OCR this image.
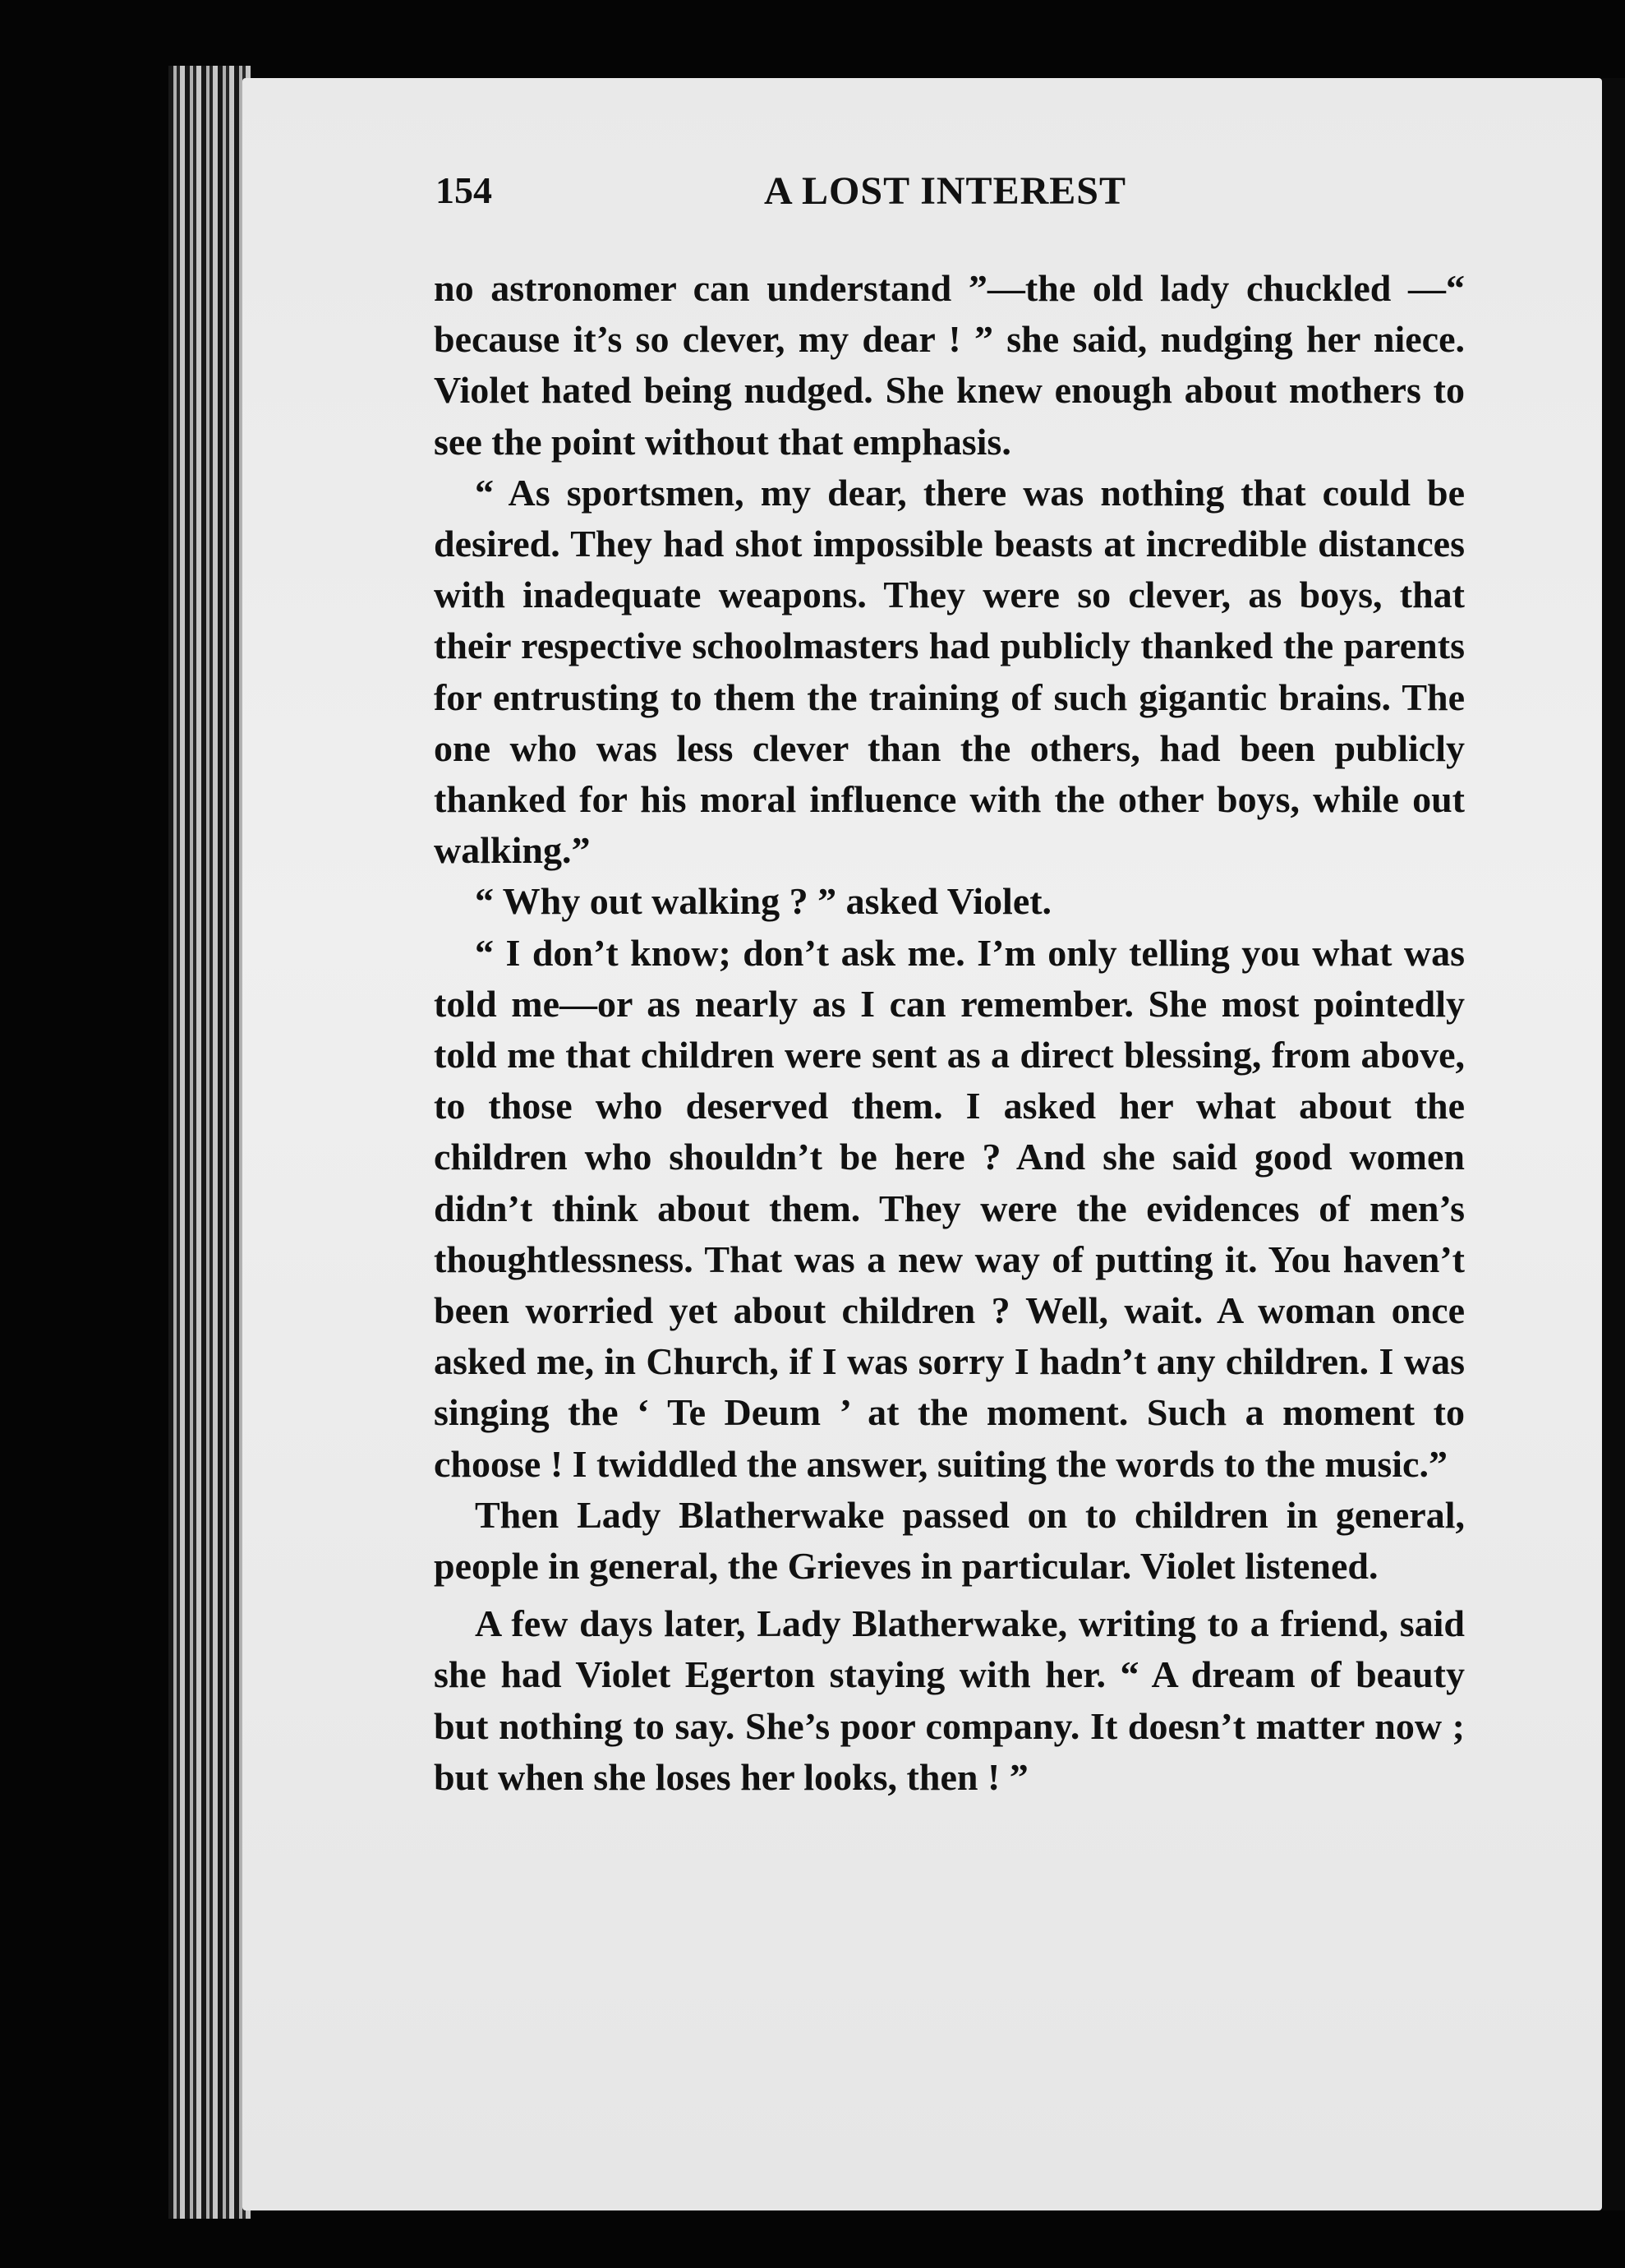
154	A LOST INTEREST

no astronomer can understand ”—the old lady chuckled —“ because it’s so clever, my dear ! ” she said, nudging her niece. Violet hated being nudged. She knew enough about mothers to see the point without that emphasis.

“ As sportsmen, my dear, there was nothing that could be desired. They had shot impossible beasts at incredible distances with inadequate weapons. They were so clever, as boys, that their respective schoolmasters had publicly thanked the parents for entrusting to them the training of such gigantic brains. The one who was less clever than the others, had been publicly thanked for his moral influence with the other boys, while out walking.”

“ Why out walking ? ” asked Violet.

“ I don’t know; don’t ask me. I’m only telling you what was told me—or as nearly as I can remember. She most pointedly told me that children were sent as a direct blessing, from above, to those who deserved them. I asked her what about the children who shouldn’t be here ? And she said good women didn’t think about them. They were the evidences of men’s thoughtlessness. That was a new way of putting it. You haven’t been worried yet about children ? Well, wait. A woman once asked me, in Church, if I was sorry I hadn’t any children. I was singing the ‘ Te Deum ’ at the moment. Such a moment to choose ! I twiddled the answer, suiting the words to the music.”

Then Lady Blatherwake passed on to children in general, people in general, the Grieves in particular. Violet listened.

A few days later, Lady Blatherwake, writing to a friend, said she had Violet Egerton staying with her. “ A dream of beauty but nothing to say. She’s poor company. It doesn’t matter now ; but when she loses her looks, then ! ”
